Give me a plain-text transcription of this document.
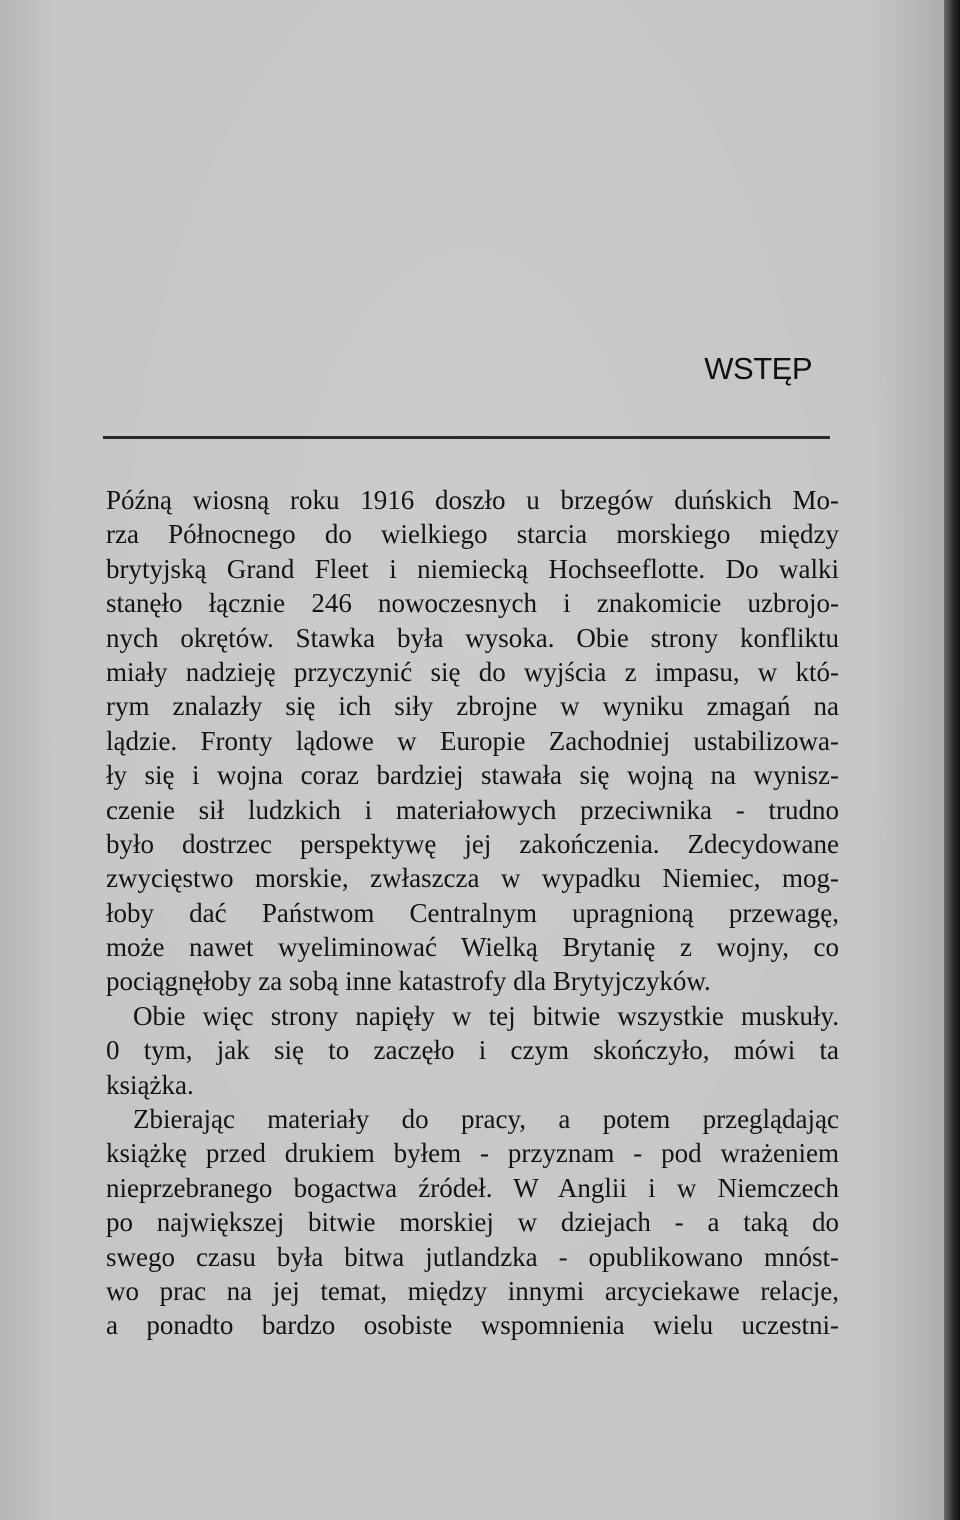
WSTĘP
Późną wiosną roku 1916 doszło u brzegów duńskich Mo-
rza Północnego do wielkiego starcia morskiego między
brytyjską Grand Fleet i niemiecką Hochseeflotte. Do walki
stanęło łącznie 246 nowoczesnych i znakomicie uzbrojo-
nych okrętów. Stawka była wysoka. Obie strony konfliktu
miały nadzieję przyczynić się do wyjścia z impasu, w któ-
rym znalazły się ich siły zbrojne w wyniku zmagań na
lądzie. Fronty lądowe w Europie Zachodniej ustabilizowa-
ły się i wojna coraz bardziej stawała się wojną na wynisz-
czenie sił ludzkich i materiałowych przeciwnika - trudno
było dostrzec perspektywę jej zakończenia. Zdecydowane
zwycięstwo morskie, zwłaszcza w wypadku Niemiec, mog-
łoby dać Państwom Centralnym upragnioną przewagę,
może nawet wyeliminować Wielką Brytanię z wojny, co
pociągnęłoby za sobą inne katastrofy dla Brytyjczyków.
Obie więc strony napięły w tej bitwie wszystkie muskuły.
0 tym, jak się to zaczęło i czym skończyło, mówi ta
książka.
Zbierając materiały do pracy, a potem przeglądając
książkę przed drukiem byłem - przyznam - pod wrażeniem
nieprzebranego bogactwa źródeł. W Anglii i w Niemczech
po największej bitwie morskiej w dziejach - a taką do
swego czasu była bitwa jutlandzka - opublikowano mnóst-
wo prac na jej temat, między innymi arcyciekawe relacje,
a ponadto bardzo osobiste wspomnienia wielu uczestni-
